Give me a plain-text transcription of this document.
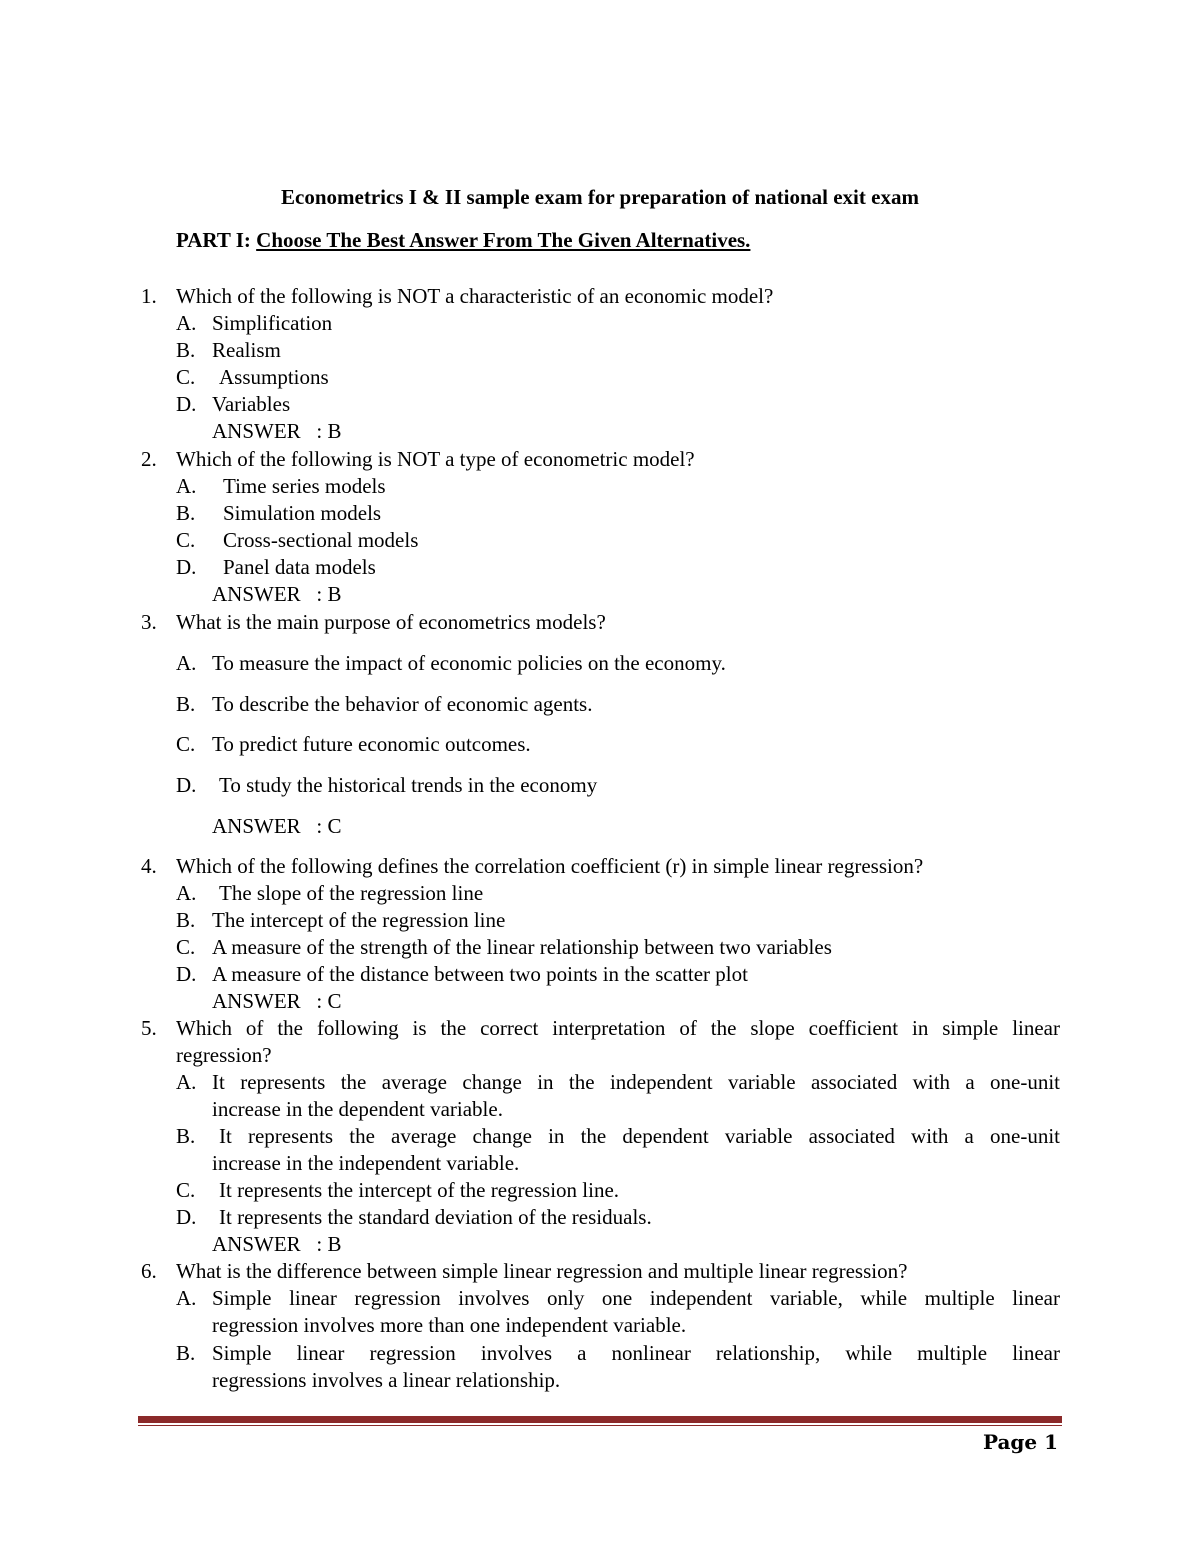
Econometrics I & II sample exam for preparation of national exit exam
PART I: Choose The Best Answer From The Given Alternatives.
1. Which of the following is NOT a characteristic of an economic model?
A. Simplification
B. Realism
C. Assumptions
D. Variables
ANSWER   : B
2. Which of the following is NOT a type of econometric model?
A. Time series models
B. Simulation models
C. Cross-sectional models
D. Panel data models
ANSWER   : B
3. What is the main purpose of econometrics models?
A. To measure the impact of economic policies on the economy.
B. To describe the behavior of economic agents.
C. To predict future economic outcomes.
D. To study the historical trends in the economy
ANSWER   : C
4. Which of the following defines the correlation coefficient (r) in simple linear regression?
A. The slope of the regression line
B. The intercept of the regression line
C. A measure of the strength of the linear relationship between two variables
D. A measure of the distance between two points in the scatter plot
ANSWER   : C
5. Which of the following is the correct interpretation of the slope coefficient in simple linear
regression?
A. It represents the average change in the independent variable associated with a one-unit
increase in the dependent variable.
B. It represents the average change in the dependent variable associated with a one-unit
increase in the independent variable.
C. It represents the intercept of the regression line.
D. It represents the standard deviation of the residuals.
ANSWER   : B
6. What is the difference between simple linear regression and multiple linear regression?
A. Simple linear regression involves only one independent variable, while multiple linear
regression involves more than one independent variable.
B. Simple linear regression involves a nonlinear relationship, while multiple linear
regressions involves a linear relationship.
Page 1
